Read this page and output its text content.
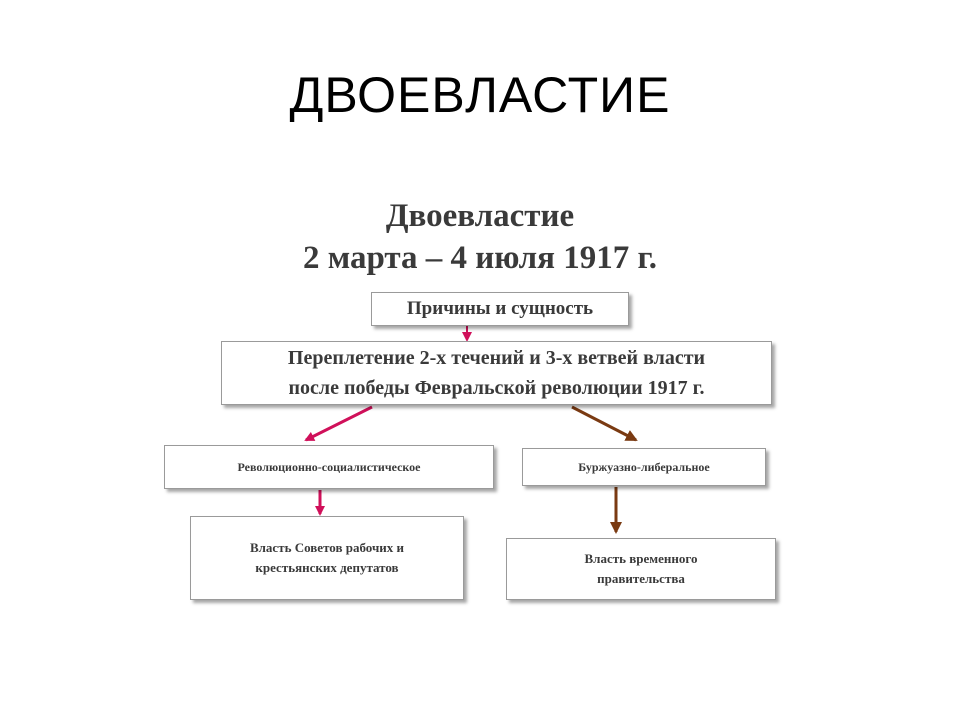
ДВОЕВЛАСТИЕ
Двоевластие
2 марта – 4 июля 1917 г.
Причины и сущность
Переплетение 2-х течений и 3-х ветвей власти
после победы Февральской революции 1917 г.
Революционно-социалистическое	Буржуазно-либеральное
Власть Советов рабочих и
крестьянских депутатов
Власть временного
правительства
